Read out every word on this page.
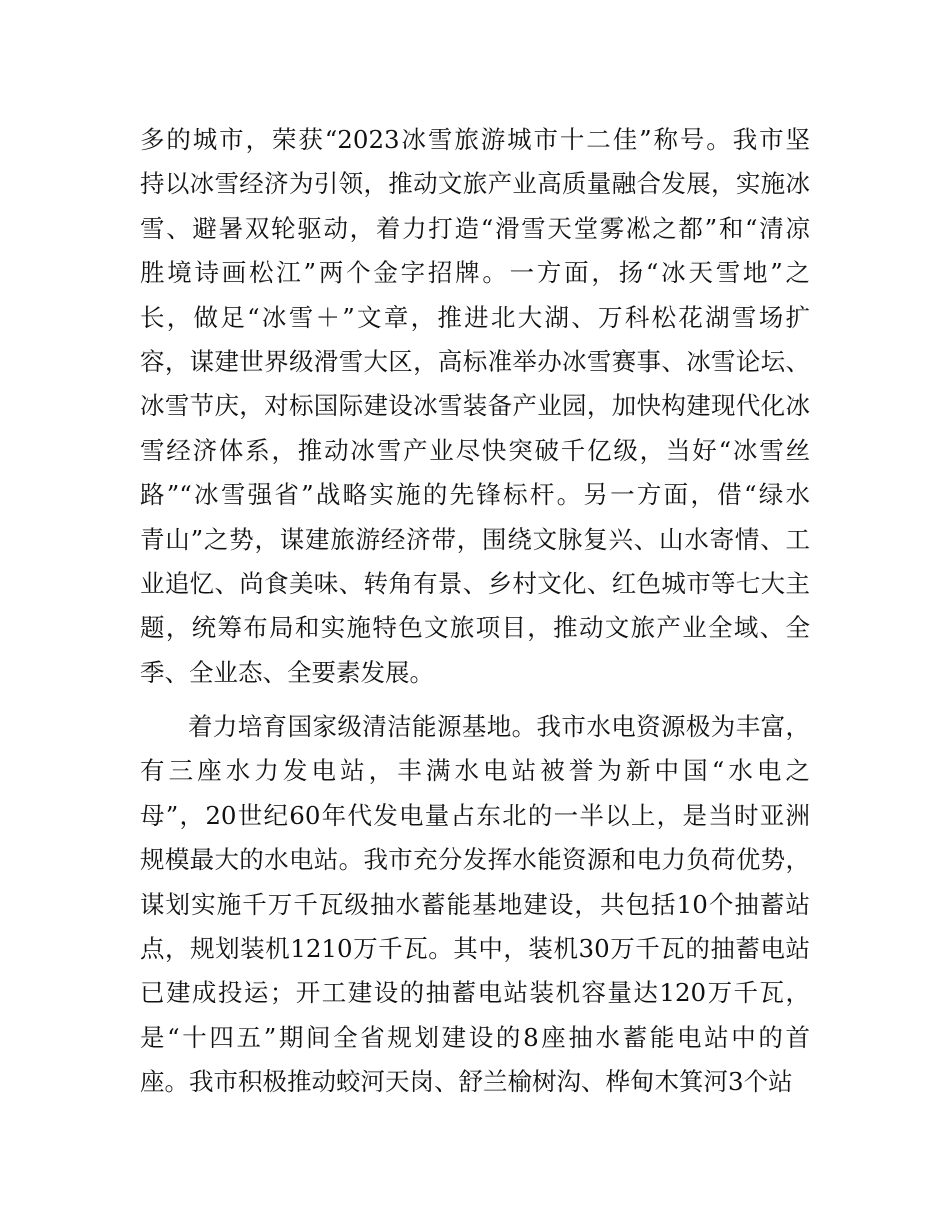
多的城市，荣获“2023冰雪旅游城市十二佳”称号。我市坚
持以冰雪经济为引领，推动文旅产业高质量融合发展，实施冰
雪、避暑双轮驱动，着力打造“滑雪天堂雾凇之都”和“清凉
胜境诗画松江”两个金字招牌。一方面，扬“冰天雪地”之
长，做足“冰雪＋”文章，推进北大湖、万科松花湖雪场扩
容，谋建世界级滑雪大区，高标准举办冰雪赛事、冰雪论坛、
冰雪节庆，对标国际建设冰雪装备产业园，加快构建现代化冰
雪经济体系，推动冰雪产业尽快突破千亿级，当好“冰雪丝
路”“冰雪强省”战略实施的先锋标杆。另一方面，借“绿水
青山”之势，谋建旅游经济带，围绕文脉复兴、山水寄情、工
业追忆、尚食美味、转角有景、乡村文化、红色城市等七大主
题，统筹布局和实施特色文旅项目，推动文旅产业全域、全
季、全业态、全要素发展。
着力培育国家级清洁能源基地。我市水电资源极为丰富，
有三座水力发电站，丰满水电站被誉为新中国“水电之
母”，20世纪60年代发电量占东北的一半以上，是当时亚洲
规模最大的水电站。我市充分发挥水能资源和电力负荷优势，
谋划实施千万千瓦级抽水蓄能基地建设，共包括10个抽蓄站
点，规划装机1210万千瓦。其中，装机30万千瓦的抽蓄电站
已建成投运；开工建设的抽蓄电站装机容量达120万千瓦，
是“十四五”期间全省规划建设的8座抽水蓄能电站中的首
座。我市积极推动蛟河天岗、舒兰榆树沟、桦甸木箕河3个站
